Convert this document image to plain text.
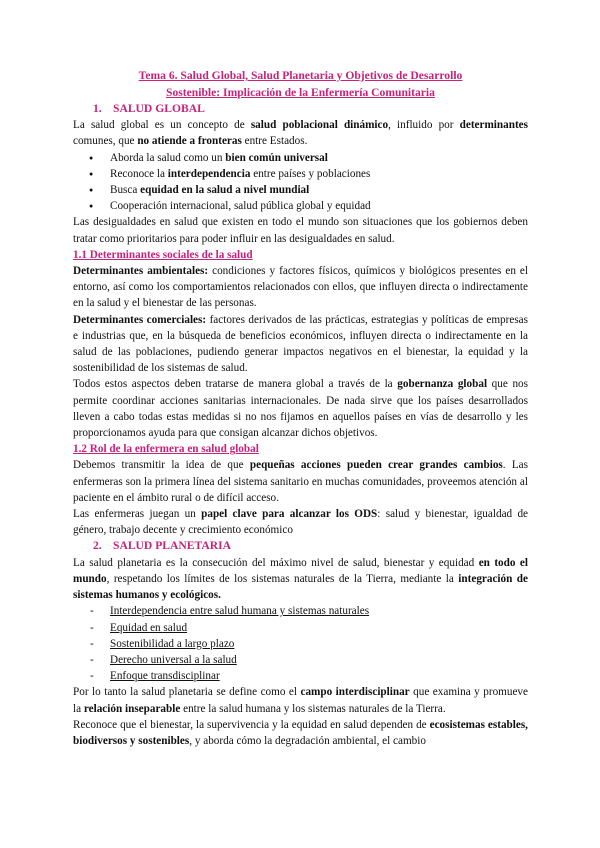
Tema 6. Salud Global, Salud Planetaria y Objetivos de Desarrollo
Sostenible: Implicación de la Enfermería Comunitaria
1. SALUD GLOBAL

La salud global es un concepto de salud poblacional dinámico, influido por determinantes comunes, que no atiende a fronteras entre Estados.

● Aborda la salud como un bien común universal
● Reconoce la interdependencia entre países y poblaciones
● Busca equidad en la salud a nivel mundial
● Cooperación internacional, salud pública global y equidad

Las desigualdades en salud que existen en todo el mundo son situaciones que los gobiernos deben tratar como prioritarios para poder influir en las desigualdades en salud.

1.1 Determinantes sociales de la salud

Determinantes ambientales: condiciones y factores físicos, químicos y biológicos presentes en el entorno, así como los comportamientos relacionados con ellos, que influyen directa o indirectamente en la salud y el bienestar de las personas.

Determinantes comerciales: factores derivados de las prácticas, estrategias y políticas de empresas e industrias que, en la búsqueda de beneficios económicos, influyen directa o indirectamente en la salud de las poblaciones, pudiendo generar impactos negativos en el bienestar, la equidad y la sostenibilidad de los sistemas de salud.

Todos estos aspectos deben tratarse de manera global a través de la gobernanza global que nos permite coordinar acciones sanitarias internacionales. De nada sirve que los países desarrollados lleven a cabo todas estas medidas si no nos fijamos en aquellos países en vías de desarrollo y les proporcionamos ayuda para que consigan alcanzar dichos objetivos.

1.2 Rol de la enfermera en salud global

Debemos transmitir la idea de que pequeñas acciones pueden crear grandes cambios. Las enfermeras son la primera línea del sistema sanitario en muchas comunidades, proveemos atención al paciente en el ámbito rural o de difícil acceso.

Las enfermeras juegan un papel clave para alcanzar los ODS: salud y bienestar, igualdad de género, trabajo decente y crecimiento económico

2. SALUD PLANETARIA

La salud planetaria es la consecución del máximo nivel de salud, bienestar y equidad en todo el mundo, respetando los límites de los sistemas naturales de la Tierra, mediante la integración de sistemas humanos y ecológicos.

- Interdependencia entre salud humana y sistemas naturales
- Equidad en salud
- Sostenibilidad a largo plazo
- Derecho universal a la salud
- Enfoque transdisciplinar

Por lo tanto la salud planetaria se define como el campo interdisciplinar que examina y promueve la relación inseparable entre la salud humana y los sistemas naturales de la Tierra.

Reconoce que el bienestar, la supervivencia y la equidad en salud dependen de ecosistemas estables, biodiversos y sostenibles, y aborda cómo la degradación ambiental, el cambio
